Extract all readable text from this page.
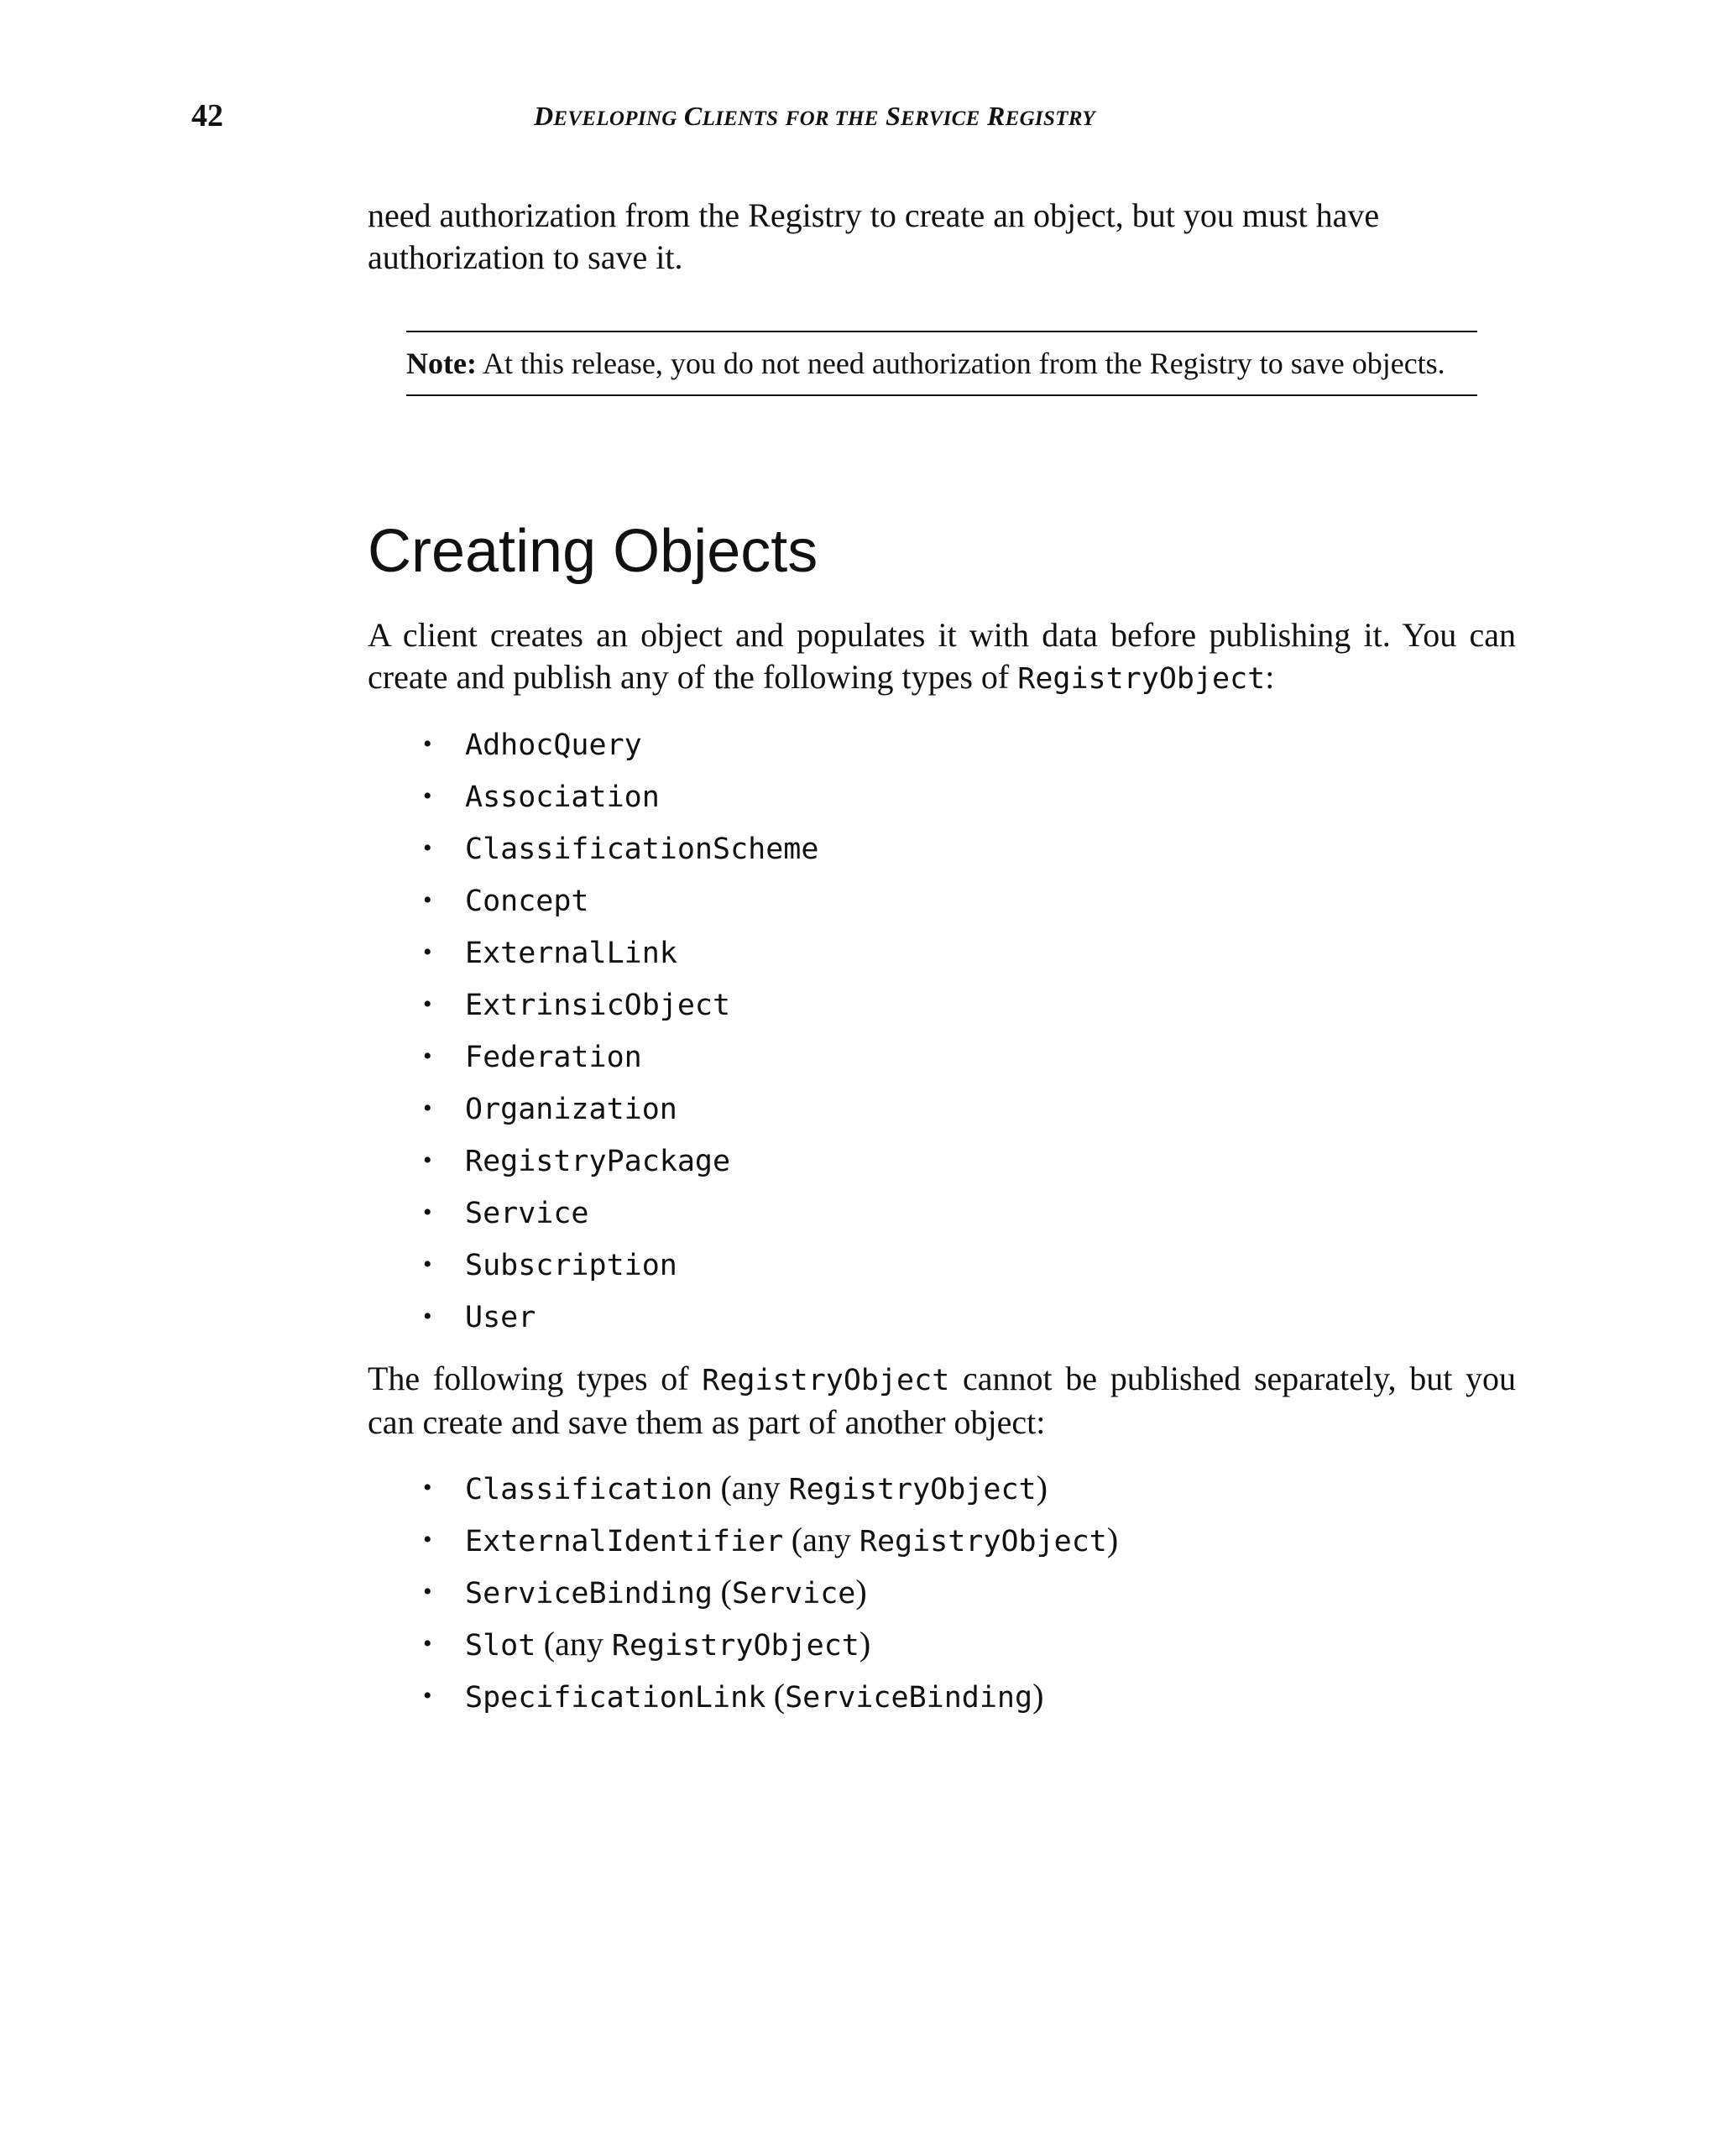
42	DEVELOPING CLIENTS FOR THE SERVICE REGISTRY
need authorization from the Registry to create an object, but you must have
authorization to save it.
Note: At this release, you do not need authorization from the Registry to save objects.
Creating Objects
A client creates an object and populates it with data before publishing it. You can create and publish any of the following types of RegistryObject:
• AdhocQuery
• Association
• ClassificationScheme
• Concept
• ExternalLink
• ExtrinsicObject
• Federation
• Organization
• RegistryPackage
• Service
• Subscription
• User
The following types of RegistryObject cannot be published separately, but you can create and save them as part of another object:
• Classification (any RegistryObject)
• ExternalIdentifier (any RegistryObject)
• ServiceBinding (Service)
• Slot (any RegistryObject)
• SpecificationLink (ServiceBinding)
